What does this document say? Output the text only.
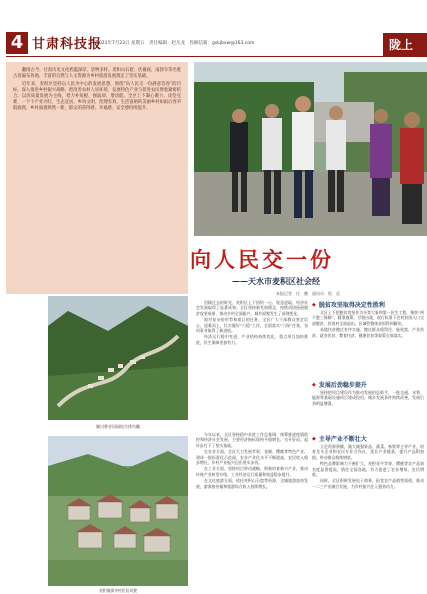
4 甘肃科技报
2021年7月23日 星期五　责任编辑：赵凡龙　投稿信箱：gskjbxw@163.com	陇上

翻阅古今，甘肃历史文化底蕴深厚，景物多样。麦积山石窟、伏羲庙、南郭寺等名胜古迹遍布各地，丰富的自然与人文资源为乡村旅游发展奠定了坚实基础。

近年来，麦积区坚持以人民为中心的发展思想，围绕“向人民交一份满意答卷”的目标，深入推进乡村振兴战略，把改善农村人居环境、发展特色产业与促进农民增收紧密结合，以高质量发展为主线，着力补短板、强弱项、增动能。全区上下凝心聚力、攻坚克难，一个个产业兴旺、生态宜居、乡风文明、治理有效、生活富裕的美丽乡村如雨后春笋般涌现，乡村面貌焕然一新，群众的获得感、幸福感、安全感持续提升。

向人民交一份
——天水市麦积区社会经
本报记者　任　鹏　通讯员　程　虎
颍川香谷田园综合体鸟瞰
麦积镇街亭村民居风貌

回顾过去的时光，麦积区上下团结一心、锐意进取，经济社会发展取得了显著成效。全区坚持新发展理念，持续巩固拓展脱贫攻坚成果，推动乡村全面振兴，城乡面貌发生了深刻变化。

面对复杂的形势和艰巨的任务，全区广大干部群众坚定信心、迎难而上，扎实做好“六稳”工作，全面落实“六保”任务，各项事业取得了新进展。

经济运行稳中有进，产业结构持续优化，重点项目加快推进，民生保障更加有力。

今年以来，全区坚持稳中求进工作总基调，统筹推进疫情防控和经济社会发展，主要经济指标保持平稳增长，为开好局、起好步打下了坚实基础。

在农业方面，全区大力发展苹果、花椒、樱桃等特色产业，建成一批标准化示范园，农业产业化水平不断提高，农民收入稳步增长，乡村产业振兴迈出坚实步伐。

在工业方面，坚持项目带动战略，积极培育新兴产业，推动传统产业转型升级，工业经济运行质量和效益稳步提升。

在文化旅游方面，依托麦积山石窟等资源，全域旅游加快发展，游客接待量和旅游综合收入持续增长。

◆ 脱贫攻坚取得决定性胜利

全区上下把脱贫攻坚作为头等大事和第一民生工程，聚焦“两不愁三保障”，精准施策，尽锐出战，现行标准下农村贫困人口全部脱贫，贫困村全部退出，区域性整体贫困得到解决。

易地扶贫搬迁有序实施，搬迁群众稳得住、能致富，产业扶贫、就业扶贫、教育扶贫、健康扶贫等政策全面落实。

◆ 发展后劲稳步提升

坚持把项目建设作为推动发展的总抓手，一批交通、水利、能源等基础设施项目建成投用，城乡发展条件持续改善，发展后劲明显增强。

◆ 主导产业不断壮大

立足资源禀赋，做大做强果品、蔬菜、畜牧等主导产业，培育龙头企业和农民专业合作社，延长产业链条，提升产品附加值，带动群众持续增收。

特色品牌影响力不断扩大，麦积花牛苹果、樱桃等农产品知名度显著提高，销往全国各地，有力促进了农业增效、农民增收。

同时，全区积极发展电子商务，拓宽农产品销售渠道，推动一二三产业融合发展，为乡村振兴注入强劲动力。
